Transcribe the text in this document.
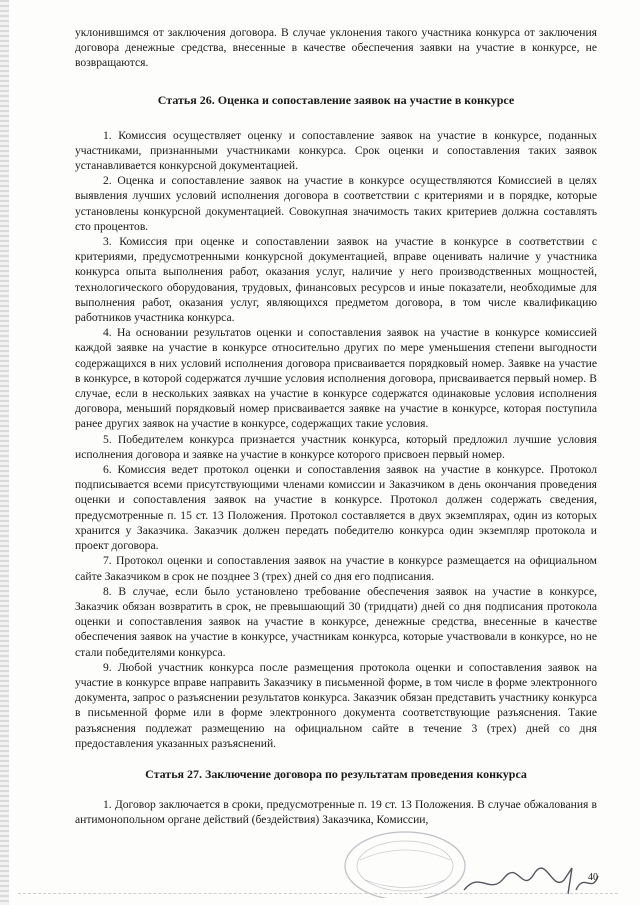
уклонившимся от заключения договора. В случае уклонения такого участника конкурса от заключения договора денежные средства, внесенные в качестве обеспечения заявки на участие в конкурсе, не возвращаются.

Статья 26. Оценка и сопоставление заявок на участие в конкурсе

1. Комиссия осуществляет оценку и сопоставление заявок на участие в конкурсе, поданных участниками, признанными участниками конкурса. Срок оценки и сопоставления таких заявок устанавливается конкурсной документацией.

2. Оценка и сопоставление заявок на участие в конкурсе осуществляются Комиссией в целях выявления лучших условий исполнения договора в соответствии с критериями и в порядке, которые установлены конкурсной документацией. Совокупная значимость таких критериев должна составлять сто процентов.

3. Комиссия при оценке и сопоставлении заявок на участие в конкурсе в соответствии с критериями, предусмотренными конкурсной документацией, вправе оценивать наличие у участника конкурса опыта выполнения работ, оказания услуг, наличие у него производственных мощностей, технологического оборудования, трудовых, финансовых ресурсов и иные показатели, необходимые для выполнения работ, оказания услуг, являющихся предметом договора, в том числе квалификацию работников участника конкурса.

4. На основании результатов оценки и сопоставления заявок на участие в конкурсе комиссией каждой заявке на участие в конкурсе относительно других по мере уменьшения степени выгодности содержащихся в них условий исполнения договора присваивается порядковый номер. Заявке на участие в конкурсе, в которой содержатся лучшие условия исполнения договора, присваивается первый номер. В случае, если в нескольких заявках на участие в конкурсе содержатся одинаковые условия исполнения договора, меньший порядковый номер присваивается заявке на участие в конкурсе, которая поступила ранее других заявок на участие в конкурсе, содержащих такие условия.

5. Победителем конкурса признается участник конкурса, который предложил лучшие условия исполнения договора и заявке на участие в конкурсе которого присвоен первый номер.

6. Комиссия ведет протокол оценки и сопоставления заявок на участие в конкурсе. Протокол подписывается всеми присутствующими членами комиссии и Заказчиком в день окончания проведения оценки и сопоставления заявок на участие в конкурсе. Протокол должен содержать сведения, предусмотренные п. 15 ст. 13 Положения. Протокол составляется в двух экземплярах, один из которых хранится у Заказчика. Заказчик должен передать победителю конкурса один экземпляр протокола и проект договора.

7. Протокол оценки и сопоставления заявок на участие в конкурсе размещается на официальном сайте Заказчиком в срок не позднее 3 (трех) дней со дня его подписания.

8. В случае, если было установлено требование обеспечения заявок на участие в конкурсе, Заказчик обязан возвратить в срок, не превышающий 30 (тридцати) дней со дня подписания протокола оценки и сопоставления заявок на участие в конкурсе, денежные средства, внесенные в качестве обеспечения заявок на участие в конкурсе, участникам конкурса, которые участвовали в конкурсе, но не стали победителями конкурса.

9. Любой участник конкурса после размещения протокола оценки и сопоставления заявок на участие в конкурсе вправе направить Заказчику в письменной форме, в том числе в форме электронного документа, запрос о разъяснении результатов конкурса. Заказчик обязан представить участнику конкурса в письменной форме или в форме электронного документа соответствующие разъяснения. Такие разъяснения подлежат размещению на официальном сайте в течение 3 (трех) дней со дня предоставления указанных разъяснений.

Статья 27. Заключение договора по результатам проведения конкурса

1. Договор заключается в сроки, предусмотренные п. 19 ст. 13 Положения. В случае обжалования в антимонопольном органе действий (бездействия) Заказчика, Комиссии,

40
